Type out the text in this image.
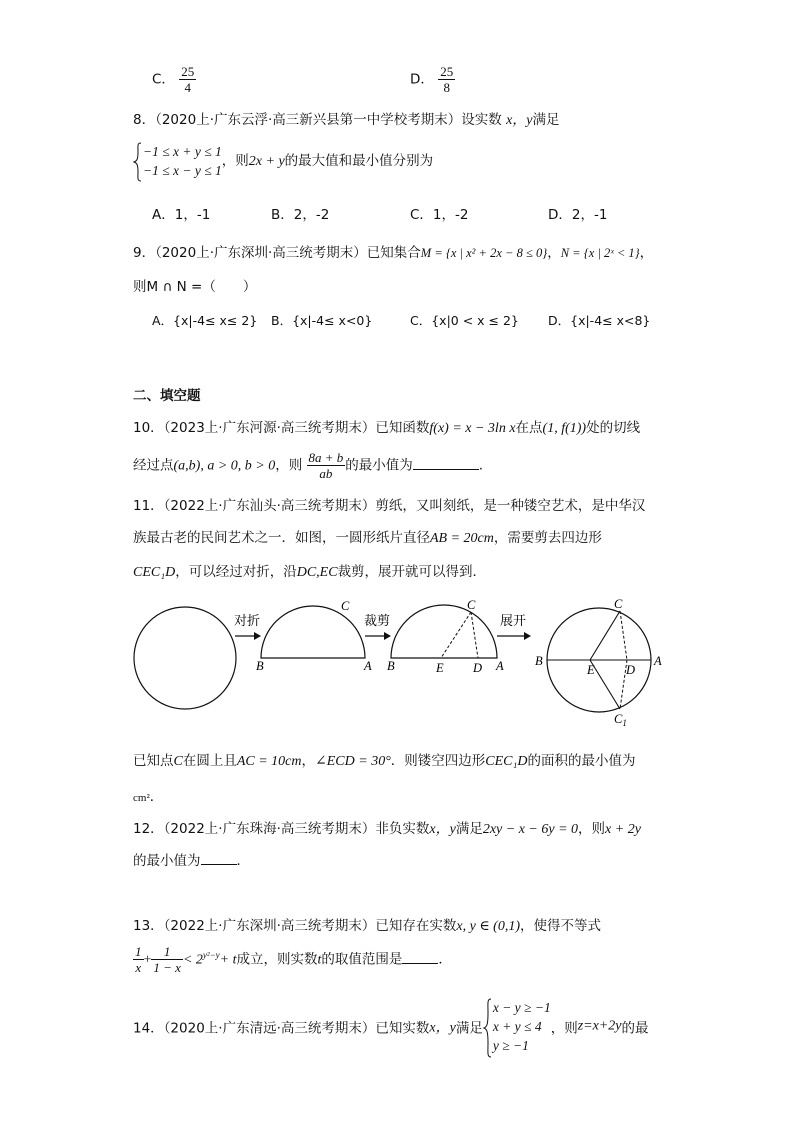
C． $\frac{25}{4}$	D． $\frac{25}{8}$
8．（2020上·广东云浮·高三新兴县第一中学校考期末）设实数 x，y满足
−1 ≤ x + y ≤ 1
−1 ≤ x − y ≤ 1
，则2x + y的最大值和最小值分别为
A．1，-1	B．2，-2	C．1，-2	D．2，-1
9．（2020上·广东深圳·高三统考期末）已知集合M = {x | x² + 2x − 8 ≤ 0}，N = {x | 2ˣ < 1}，
则M ∩ N =（　　）
A．{x|-4≤ x≤ 2} B．{x|-4≤ x<0}	C．{x|0 < x ≤ 2} D．{x|-4≤ x<8}
二、填空题
10．（2023上·广东河源·高三统考期末）已知函数f(x) = x − 3ln x在点(1, f(1))处的切线
经过点(a,b), a > 0, b > 0，则 $\frac{8a + b}{ab}$ 的最小值为	.
11．（2022上·广东汕头·高三统考期末）剪纸，又叫刻纸，是一种镂空艺术，是中华汉
族最古老的民间艺术之一．如图，一圆形纸片直径AB = 20cm，需要剪去四边形
CEC₁D，可以经过对折，沿DC,EC裁剪，展开就可以得到．
对折
B	A
C
裁剪
B	E D A
C
展开
B	A
C
E	D
$C_1$
已知点C在圆上且AC = 10cm，∠ECD = 30°．则镂空四边形CEC₁D的面积的最小值为
cm²．
12．（2022上·广东珠海·高三统考期末）非负实数x，y满足2xy − x − 6y = 0，则x + 2y
的最小值为	．
13．（2022上·广东深圳·高三统考期末）已知存在实数x, y ∈ (0,1)，使得不等式
$\frac{1}{x} + \frac{1}{1 - x} < 2^{y^2-y}+ t$成立，则实数t的取值范围是	．
14．（2020上·广东清远·高三统考期末）已知实数x，y满足
x − y ≥ −1
x + y ≤ 4
y ≥ −1
，则z=x+2y的最
